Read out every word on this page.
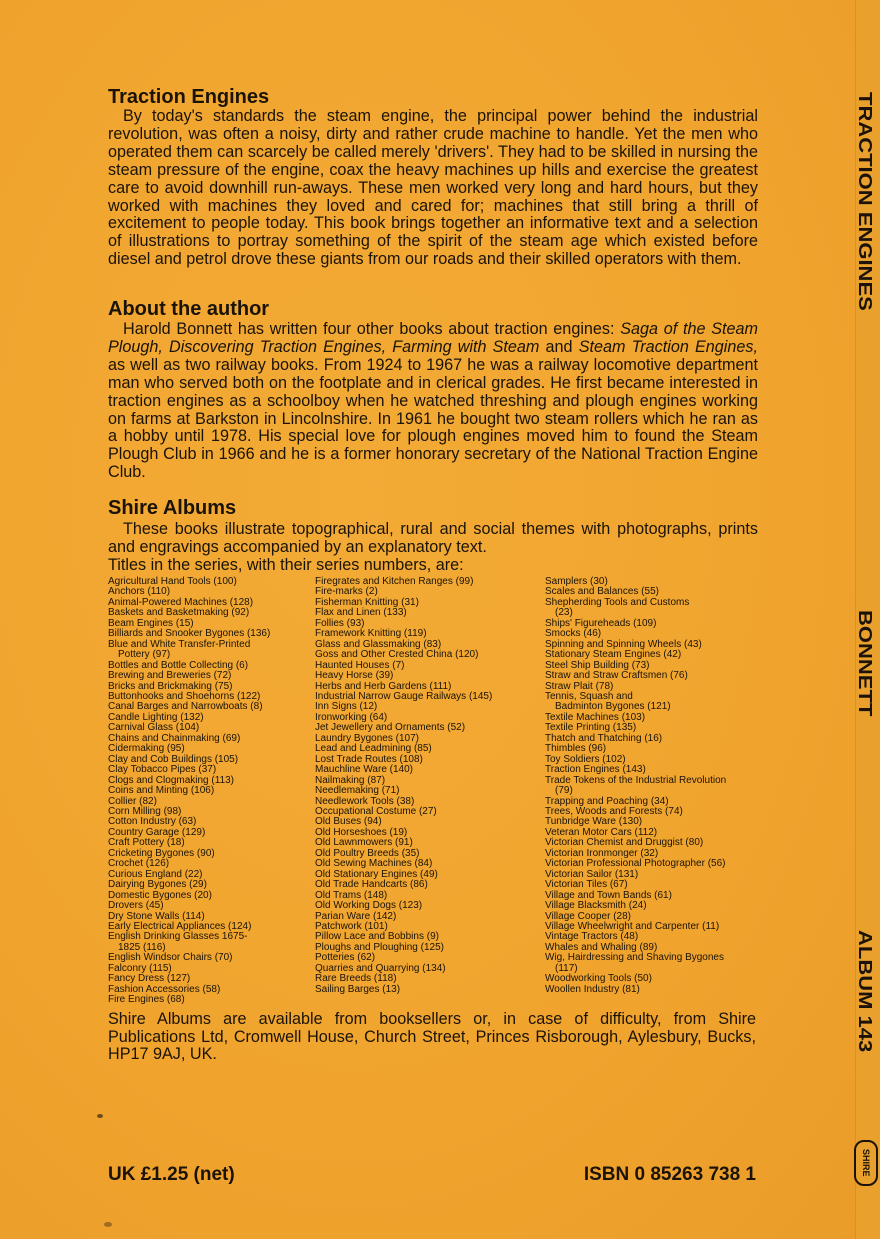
TRACTION ENGINES
BONNETT
ALBUM 143
SHIRE
Traction Engines

By today's standards the steam engine, the principal power behind the industrial revolution, was often a noisy, dirty and rather crude machine to handle. Yet the men who operated them can scarcely be called merely 'drivers'. They had to be skilled in nursing the steam pressure of the engine, coax the heavy machines up hills and exercise the greatest care to avoid downhill run-aways. These men worked very long and hard hours, but they worked with machines they loved and cared for; machines that still bring a thrill of excitement to people today. This book brings together an informative text and a selection of illustrations to portray something of the spirit of the steam age which existed before diesel and petrol drove these giants from our roads and their skilled operators with them.

About the author

Harold Bonnett has written four other books about traction engines: Saga of the Steam Plough, Discovering Traction Engines, Farming with Steam and Steam Traction Engines, as well as two railway books. From 1924 to 1967 he was a railway locomotive department man who served both on the footplate and in clerical grades. He first became interested in traction engines as a schoolboy when he watched threshing and plough engines working on farms at Barkston in Lincolnshire. In 1961 he bought two steam rollers which he ran as a hobby until 1978. His special love for plough engines moved him to found the Steam Plough Club in 1966 and he is a former honorary secretary of the National Traction Engine Club.

Shire Albums

These books illustrate topographical, rural and social themes with photographs, prints and engravings accompanied by an explanatory text.
Titles in the series, with their series numbers, are:

Agricultural Hand Tools (100)
Anchors (110)
Animal-Powered Machines (128)
Baskets and Basketmaking (92)
Beam Engines (15)
Billiards and Snooker Bygones (136)
Blue and White Transfer-Printed
Pottery (97)
Bottles and Bottle Collecting (6)
Brewing and Breweries (72)
Bricks and Brickmaking (75)
Buttonhooks and Shoehorns (122)
Canal Barges and Narrowboats (8)
Candle Lighting (132)
Carnival Glass (104)
Chains and Chainmaking (69)
Cidermaking (95)
Clay and Cob Buildings (105)
Clay Tobacco Pipes (37)
Clogs and Clogmaking (113)
Coins and Minting (106)
Collier (82)
Corn Milling (98)
Cotton Industry (63)
Country Garage (129)
Craft Pottery (18)
Cricketing Bygones (90)
Crochet (126)
Curious England (22)
Dairying Bygones (29)
Domestic Bygones (20)
Drovers (45)
Dry Stone Walls (114)
Early Electrical Appliances (124)
English Drinking Glasses 1675-
1825 (116)
English Windsor Chairs (70)
Falconry (115)
Fancy Dress (127)
Fashion Accessories (58)
Fire Engines (68)
Firegrates and Kitchen Ranges (99)
Fire-marks (2)
Fisherman Knitting (31)
Flax and Linen (133)
Follies (93)
Framework Knitting (119)
Glass and Glassmaking (83)
Goss and Other Crested China (120)
Haunted Houses (7)
Heavy Horse (39)
Herbs and Herb Gardens (111)
Industrial Narrow Gauge Railways (145)
Inn Signs (12)
Ironworking (64)
Jet Jewellery and Ornaments (52)
Laundry Bygones (107)
Lead and Leadmining (85)
Lost Trade Routes (108)
Mauchline Ware (140)
Nailmaking (87)
Needlemaking (71)
Needlework Tools (38)
Occupational Costume (27)
Old Buses (94)
Old Horseshoes (19)
Old Lawnmowers (91)
Old Poultry Breeds (35)
Old Sewing Machines (84)
Old Stationary Engines (49)
Old Trade Handcarts (86)
Old Trams (148)
Old Working Dogs (123)
Parian Ware (142)
Patchwork (101)
Pillow Lace and Bobbins (9)
Ploughs and Ploughing (125)
Potteries (62)
Quarries and Quarrying (134)
Rare Breeds (118)
Sailing Barges (13)
Samplers (30)
Scales and Balances (55)
Shepherding Tools and Customs
(23)
Ships' Figureheads (109)
Smocks (46)
Spinning and Spinning Wheels (43)
Stationary Steam Engines (42)
Steel Ship Building (73)
Straw and Straw Craftsmen (76)
Straw Plait (78)
Tennis, Squash and
Badminton Bygones (121)
Textile Machines (103)
Textile Printing (135)
Thatch and Thatching (16)
Thimbles (96)
Toy Soldiers (102)
Traction Engines (143)
Trade Tokens of the Industrial Revolution
(79)
Trapping and Poaching (34)
Trees, Woods and Forests (74)
Tunbridge Ware (130)
Veteran Motor Cars (112)
Victorian Chemist and Druggist (80)
Victorian Ironmonger (32)
Victorian Professional Photographer (56)
Victorian Sailor (131)
Victorian Tiles (67)
Village and Town Bands (61)
Village Blacksmith (24)
Village Cooper (28)
Village Wheelwright and Carpenter (11)
Vintage Tractors (48)
Whales and Whaling (89)
Wig, Hairdressing and Shaving Bygones
(117)
Woodworking Tools (50)
Woollen Industry (81)

Shire Albums are available from booksellers or, in case of difficulty, from Shire Publications Ltd, Cromwell House, Church Street, Princes Risborough, Aylesbury, Bucks, HP17 9AJ, UK.

UK £1.25 (net)	ISBN 0 85263 738 1
